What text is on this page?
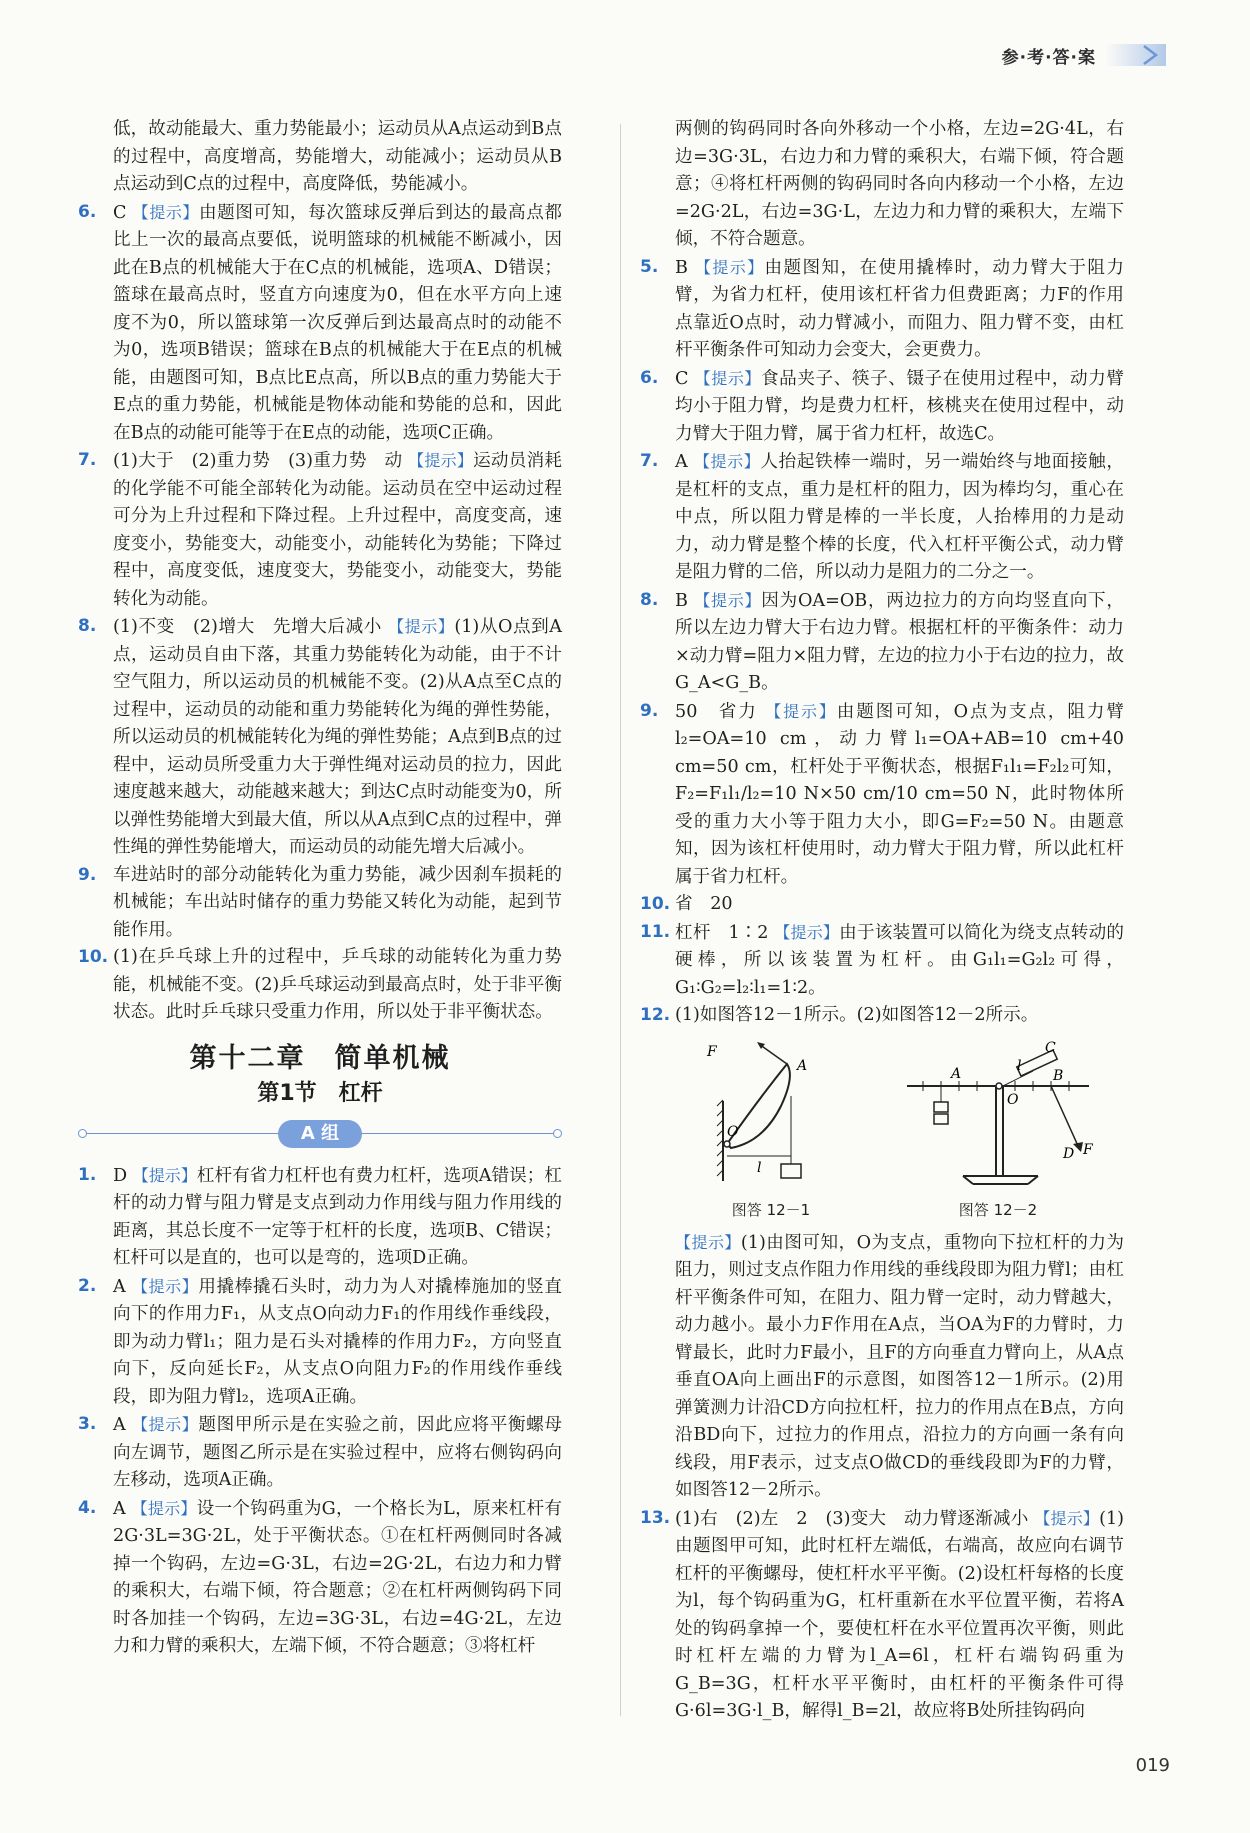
参·考·答·案
低，故动能最大、重力势能最小；运动员从A点运动到B点的过程中，高度增高，势能增大，动能减小；运动员从B点运动到C点的过程中，高度降低，势能减小。
6. C 【提示】由题图可知，每次篮球反弹后到达的最高点都比上一次的最高点要低，说明篮球的机械能不断减小，因此在B点的机械能大于在C点的机械能，选项A、D错误；篮球在最高点时，竖直方向速度为0，但在水平方向上速度不为0，所以篮球第一次反弹后到达最高点时的动能不为0，选项B错误；篮球在B点的机械能大于在E点的机械能，由题图可知，B点比E点高，所以B点的重力势能大于E点的重力势能，机械能是物体动能和势能的总和，因此在B点的动能可能等于在E点的动能，选项C正确。
7. (1)大于　(2)重力势　(3)重力势　动 【提示】运动员消耗的化学能不可能全部转化为动能。运动员在空中运动过程可分为上升过程和下降过程。上升过程中，高度变高，速度变小，势能变大，动能变小，动能转化为势能；下降过程中，高度变低，速度变大，势能变小，动能变大，势能转化为动能。
8. (1)不变　(2)增大　先增大后减小 【提示】(1)从O点到A点，运动员自由下落，其重力势能转化为动能，由于不计空气阻力，所以运动员的机械能不变。(2)从A点至C点的过程中，运动员的动能和重力势能转化为绳的弹性势能，所以运动员的机械能转化为绳的弹性势能；A点到B点的过程中，运动员所受重力大于弹性绳对运动员的拉力，因此速度越来越大，动能越来越大；到达C点时动能变为0，所以弹性势能增大到最大值，所以从A点到C点的过程中，弹性绳的弹性势能增大，而运动员的动能先增大后减小。
9. 车进站时的部分动能转化为重力势能，减少因刹车损耗的机械能；车出站时储存的重力势能又转化为动能，起到节能作用。
10. (1)在乒乓球上升的过程中，乒乓球的动能转化为重力势能，机械能不变。(2)乒乓球运动到最高点时，处于非平衡状态。此时乒乓球只受重力作用，所以处于非平衡状态。
第十二章　简单机械
第1节　杠杆
A 组
1. D 【提示】杠杆有省力杠杆也有费力杠杆，选项A错误；杠杆的动力臂与阻力臂是支点到动力作用线与阻力作用线的距离，其总长度不一定等于杠杆的长度，选项B、C错误；杠杆可以是直的，也可以是弯的，选项D正确。
2. A 【提示】用撬棒撬石头时，动力为人对撬棒施加的竖直向下的作用力F₁，从支点O向动力F₁的作用线作垂线段，即为动力臂l₁；阻力是石头对撬棒的作用力F₂，方向竖直向下，反向延长F₂，从支点O向阻力F₂的作用线作垂线段，即为阻力臂l₂，选项A正确。
3. A 【提示】题图甲所示是在实验之前，因此应将平衡螺母向左调节，题图乙所示是在实验过程中，应将右侧钩码向左移动，选项A正确。
4. A 【提示】设一个钩码重为G，一个格长为L，原来杠杆有2G·3L=3G·2L，处于平衡状态。①在杠杆两侧同时各减掉一个钩码，左边=G·3L，右边=2G·2L，右边力和力臂的乘积大，右端下倾，符合题意；②在杠杆两侧钩码下同时各加挂一个钩码，左边=3G·3L，右边=4G·2L，左边力和力臂的乘积大，左端下倾，不符合题意；③将杠杆
两侧的钩码同时各向外移动一个小格，左边=2G·4L，右边=3G·3L，右边力和力臂的乘积大，右端下倾，符合题意；④将杠杆两侧的钩码同时各向内移动一个小格，左边=2G·2L，右边=3G·L，左边力和力臂的乘积大，左端下倾，不符合题意。
5. B 【提示】由题图知，在使用撬棒时，动力臂大于阻力臂，为省力杠杆，使用该杠杆省力但费距离；力F的作用点靠近O点时，动力臂减小，而阻力、阻力臂不变，由杠杆平衡条件可知动力会变大，会更费力。
6. C 【提示】食品夹子、筷子、镊子在使用过程中，动力臂均小于阻力臂，均是费力杠杆，核桃夹在使用过程中，动力臂大于阻力臂，属于省力杠杆，故选C。
7. A 【提示】人抬起铁棒一端时，另一端始终与地面接触，是杠杆的支点，重力是杠杆的阻力，因为棒均匀，重心在中点，所以阻力臂是棒的一半长度，人抬棒用的力是动力，动力臂是整个棒的长度，代入杠杆平衡公式，动力臂是阻力臂的二倍，所以动力是阻力的二分之一。
8. B 【提示】因为OA=OB，两边拉力的方向均竖直向下，所以左边力臂大于右边力臂。根据杠杆的平衡条件：动力×动力臂=阻力×阻力臂，左边的拉力小于右边的拉力，故G_A<G_B。
9. 50　省力 【提示】由题图可知，O点为支点，阻力臂l₂=OA=10 cm，动力臂l₁=OA+AB=10 cm+40 cm=50 cm，杠杆处于平衡状态，根据F₁l₁=F₂l₂可知，F₂=F₁l₁/l₂=10 N×50 cm/10 cm=50 N，此时物体所受的重力大小等于阻力大小，即G=F₂=50 N。由题意知，因为该杠杆使用时，动力臂大于阻力臂，所以此杠杆属于省力杠杆。
10. 省　20
11. 杠杆　1∶2 【提示】由于该装置可以简化为绕支点转动的硬棒，所以该装置为杠杆。由G₁l₁=G₂l₂可得，G₁∶G₂=l₂∶l₁=1∶2。
12. (1)如图答12－1所示。(2)如图答12－2所示。
F
A
O
l
图答 12－1
A	B
C
O
D F
l
图答 12－2
【提示】(1)由图可知，O为支点，重物向下拉杠杆的力为阻力，则过支点作阻力作用线的垂线段即为阻力臂l；由杠杆平衡条件可知，在阻力、阻力臂一定时，动力臂越大，动力越小。最小力F作用在A点，当OA为F的力臂时，力臂最长，此时力F最小，且F的方向垂直力臂向上，从A点垂直OA向上画出F的示意图，如图答12－1所示。(2)用弹簧测力计沿CD方向拉杠杆，拉力的作用点在B点，方向沿BD向下，过拉力的作用点，沿拉力的方向画一条有向线段，用F表示，过支点O做CD的垂线段即为F的力臂，如图答12－2所示。
13. (1)右　(2)左　2　(3)变大　动力臂逐渐减小 【提示】(1)由题图甲可知，此时杠杆左端低，右端高，故应向右调节杠杆的平衡螺母，使杠杆水平平衡。(2)设杠杆每格的长度为l，每个钩码重为G，杠杆重新在水平位置平衡，若将A处的钩码拿掉一个，要使杠杆在水平位置再次平衡，则此时杠杆左端的力臂为l_A=6l，杠杆右端钩码重为G_B=3G，杠杆水平平衡时，由杠杆的平衡条件可得G·6l=3G·l_B，解得l_B=2l，故应将B处所挂钩码向
019
